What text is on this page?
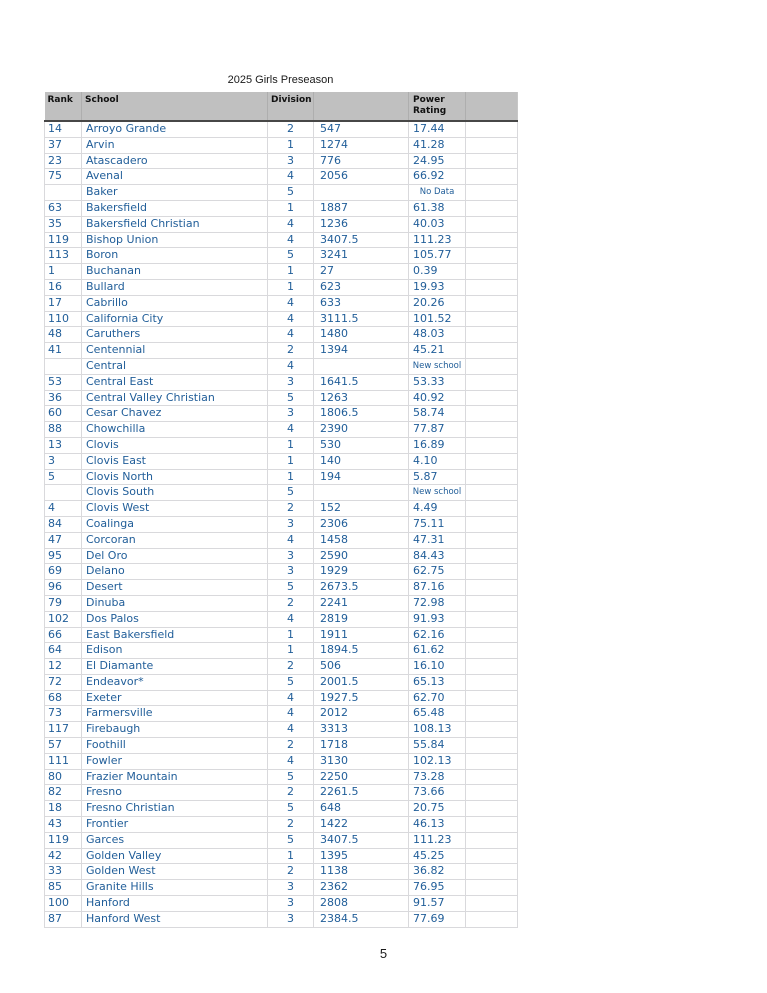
2025 Girls Preseason
Rank	School	Division		Power Rating	
14	Arroyo Grande	2	547	17.44	
37	Arvin	1	1274	41.28	
23	Atascadero	3	776	24.95	
75	Avenal	4	2056	66.92	
	Baker	5		No Data	
63	Bakersfield	1	1887	61.38	
35	Bakersfield Christian	4	1236	40.03	
119	Bishop Union	4	3407.5	111.23	
113	Boron	5	3241	105.77	
1	Buchanan	1	27	0.39	
16	Bullard	1	623	19.93	
17	Cabrillo	4	633	20.26	
110	California City	4	3111.5	101.52	
48	Caruthers	4	1480	48.03	
41	Centennial	2	1394	45.21	
	Central	4		New school	
53	Central East	3	1641.5	53.33	
36	Central Valley Christian	5	1263	40.92	
60	Cesar Chavez	3	1806.5	58.74	
88	Chowchilla	4	2390	77.87	
13	Clovis	1	530	16.89	
3	Clovis East	1	140	4.10	
5	Clovis North	1	194	5.87	
	Clovis South	5		New school	
4	Clovis West	2	152	4.49	
84	Coalinga	3	2306	75.11	
47	Corcoran	4	1458	47.31	
95	Del Oro	3	2590	84.43	
69	Delano	3	1929	62.75	
96	Desert	5	2673.5	87.16	
79	Dinuba	2	2241	72.98	
102	Dos Palos	4	2819	91.93	
66	East Bakersfield	1	1911	62.16	
64	Edison	1	1894.5	61.62	
12	El Diamante	2	506	16.10	
72	Endeavor*	5	2001.5	65.13	
68	Exeter	4	1927.5	62.70	
73	Farmersville	4	2012	65.48	
117	Firebaugh	4	3313	108.13	
57	Foothill	2	1718	55.84	
111	Fowler	4	3130	102.13	
80	Frazier Mountain	5	2250	73.28	
82	Fresno	2	2261.5	73.66	
18	Fresno Christian	5	648	20.75	
43	Frontier	2	1422	46.13	
119	Garces	5	3407.5	111.23	
42	Golden Valley	1	1395	45.25	
33	Golden West	2	1138	36.82	
85	Granite Hills	3	2362	76.95	
100	Hanford	3	2808	91.57	
87	Hanford West	3	2384.5	77.69	
5
